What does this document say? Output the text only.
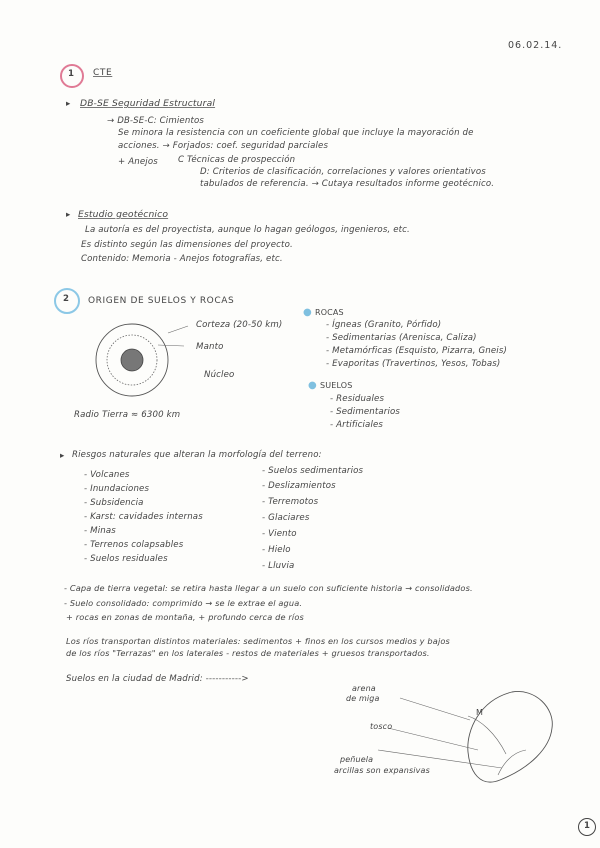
06.02.14.
1 CTE
▸ DB-SE Seguridad Estructural
→ DB-SE-C: Cimientos
Se minora la resistencia con un coeficiente global que incluye la mayoración de
acciones. → Forjados: coef. seguridad parciales
+ Anejos C Técnicas de prospección
D: Criterios de clasificación, correlaciones y valores orientativos
tabulados de referencia. → Cutaya resultados informe geotécnico.
▸ Estudio geotécnico
La autoría es del proyectista, aunque lo hagan geólogos, ingenieros, etc.
Es distinto según las dimensiones del proyecto.
Contenido: Memoria - Anejos fotografías, etc.
2 ORIGEN DE SUELOS Y ROCAS
Corteza (20-50 km)
Manto
Núcleo
Radio Tierra ≈ 6300 km
● ROCAS
- Ígneas (Granito, Pórfido)
- Sedimentarias (Arenisca, Caliza)
- Metamórficas (Esquisto, Pizarra, Gneis)
- Evaporitas (Travertinos, Yesos, Tobas)
● SUELOS
- Residuales
- Sedimentarios
- Artificiales
▸ Riesgos naturales que alteran la morfología del terreno:
- Volcanes
- Inundaciones
- Subsidencia
- Karst: cavidades internas
- Minas
- Terrenos colapsables
- Suelos residuales
- Suelos sedimentarios
- Deslizamientos
- Terremotos
- Glaciares
- Viento
- Hielo
- Lluvia
- Capa de tierra vegetal: se retira hasta llegar a un suelo con suficiente historia → consolidados.
- Suelo consolidado: comprimido → se le extrae el agua.
+ rocas en zonas de montaña, + profundo cerca de ríos
Los ríos transportan distintos materiales: sedimentos + finos en los cursos medios y bajos
de los ríos "Terrazas" en los laterales - restos de materiales + gruesos transportados.
Suelos en la ciudad de Madrid: ----------->
arena
de miga
tosco
M
peñuela
arcillas son expansivas
1
